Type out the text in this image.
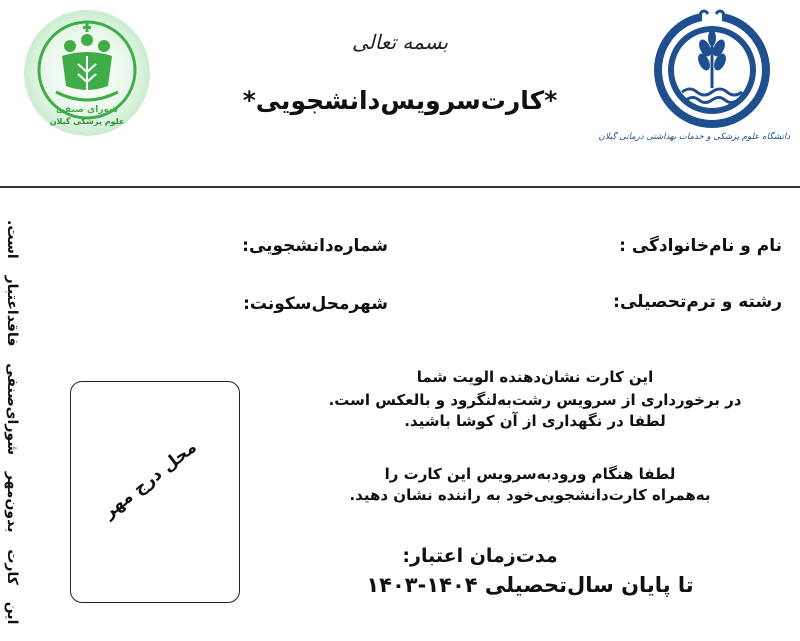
شورای صنفی
علوم پزشکی گیلان
دانشگاه علوم پزشکی و خدمات بهداشتی درمانی گیلان
بسمه تعالی
*کارت‌سرویس‌دانشجویی*
نام و نام‌خانوادگی :
شماره‌دانشجویی:
رشته و ترم‌تحصیلی:
شهرمحل‌سکونت:
این کارت نشان‌دهنده الویت شما
در برخورداری از سرویس رشت‌به‌لنگرود و بالعکس است.
لطفا در نگهداری از آن کوشا باشید.
لطفا هنگام ورودبه‌سرویس این کارت را
به‌همراه کارت‌دانشجویی‌خود به راننده نشان دهید.
مدت‌زمان اعتبار:
تا پایان سال‌تحصیلی ۱۴۰۴-۱۴۰۳
محل درج مهر
این کارت بدون‌مهر شورای‌صنفی فاقداعتبار است.
